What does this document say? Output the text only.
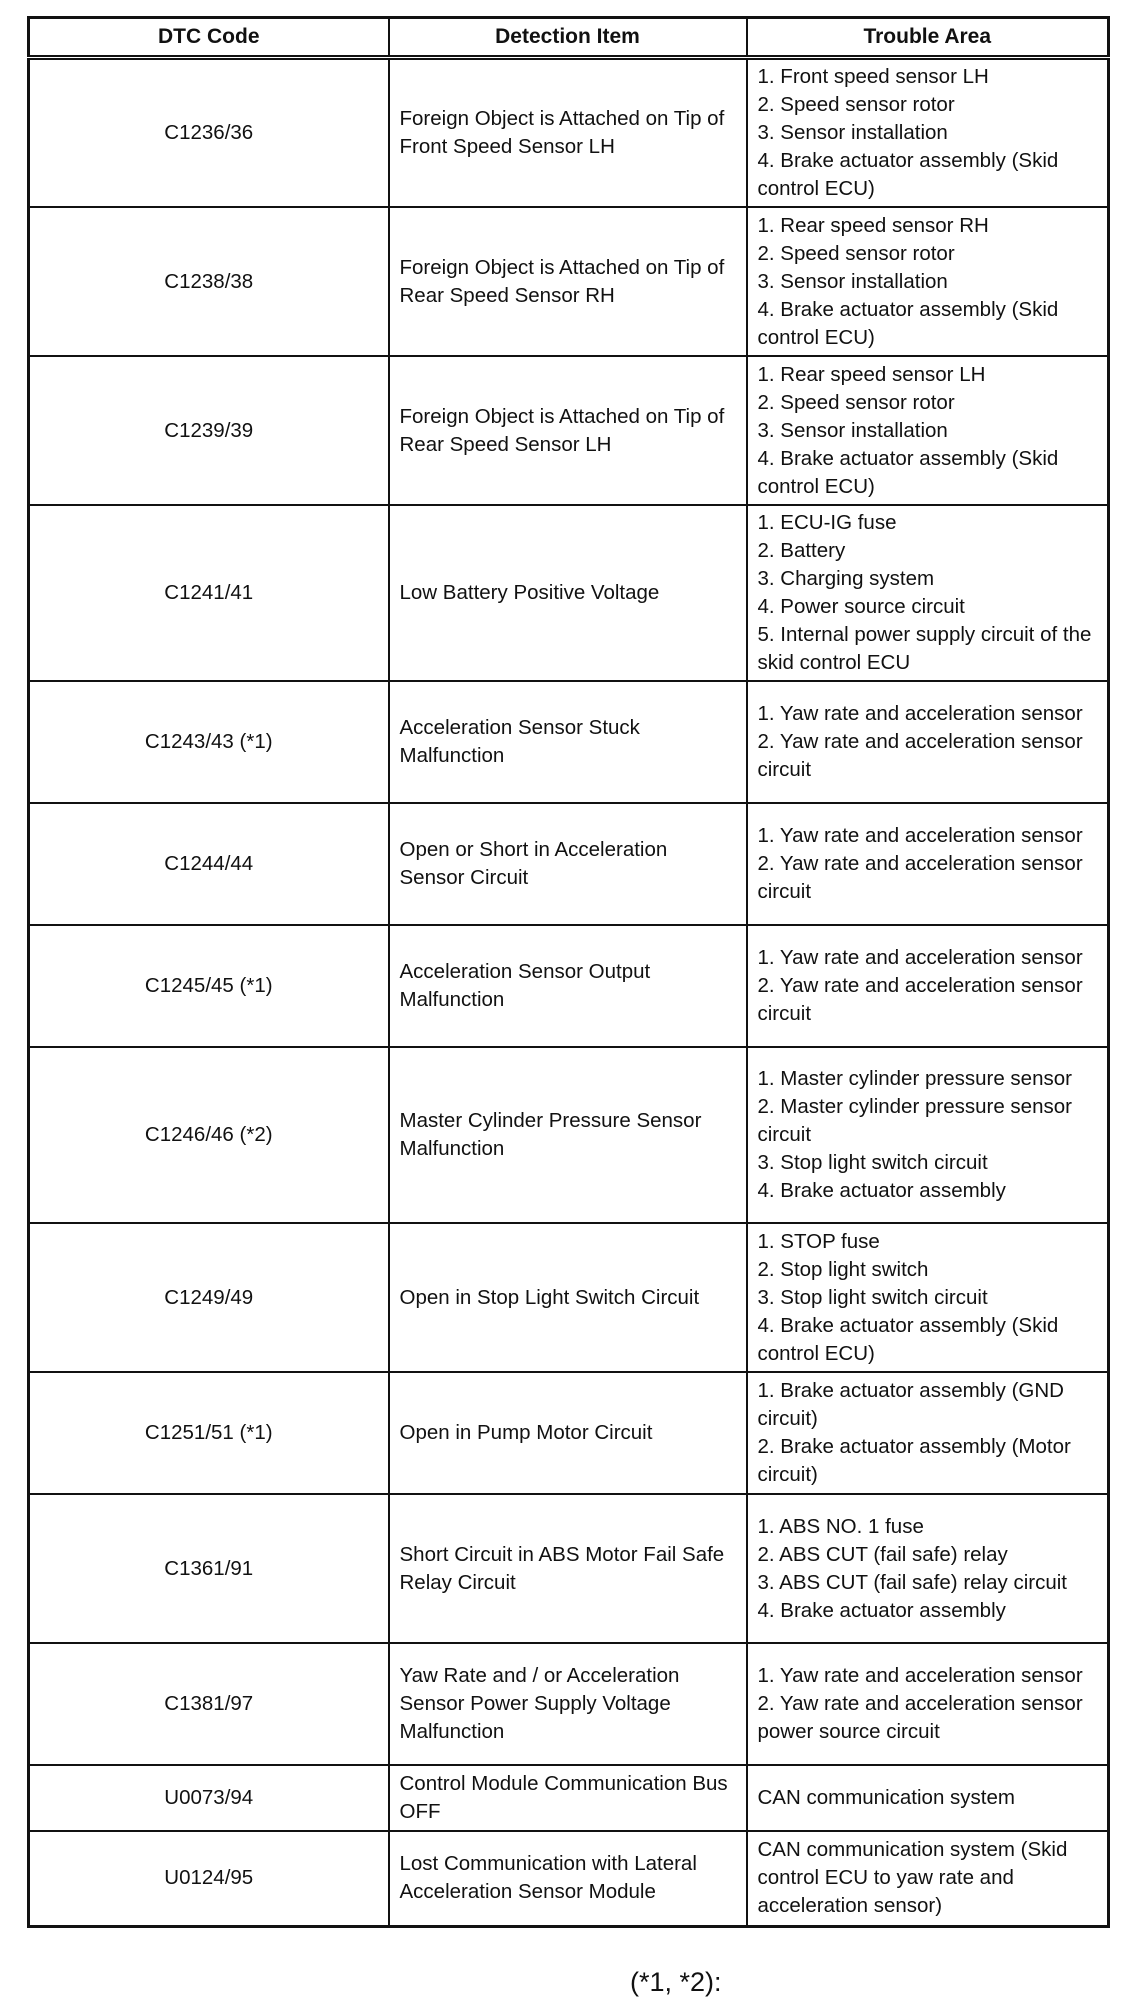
DTC Code	Detection Item	Trouble Area
C1236/36	Foreign Object is Attached on Tip of Front Speed Sensor LH	1. Front speed sensor LH
2. Speed sensor rotor
3. Sensor installation
4. Brake actuator assembly (Skid control ECU)

C1238/38	Foreign Object is Attached on Tip of Rear Speed Sensor RH	1. Rear speed sensor RH
2. Speed sensor rotor
3. Sensor installation
4. Brake actuator assembly (Skid control ECU)

C1239/39	Foreign Object is Attached on Tip of Rear Speed Sensor LH	1. Rear speed sensor LH
2. Speed sensor rotor
3. Sensor installation
4. Brake actuator assembly (Skid control ECU)

C1241/41	Low Battery Positive Voltage	1. ECU-IG fuse
2. Battery
3. Charging system
4. Power source circuit
5. Internal power supply circuit of the skid control ECU

C1243/43 (*1)	Acceleration Sensor Stuck Malfunction	1. Yaw rate and acceleration sensor
2. Yaw rate and acceleration sensor circuit

C1244/44	Open or Short in Acceleration Sensor Circuit	1. Yaw rate and acceleration sensor
2. Yaw rate and acceleration sensor circuit

C1245/45 (*1)	Acceleration Sensor Output Malfunction	1. Yaw rate and acceleration sensor
2. Yaw rate and acceleration sensor circuit

C1246/46 (*2)	Master Cylinder Pressure Sensor Malfunction	1. Master cylinder pressure sensor
2. Master cylinder pressure sensor circuit
3. Stop light switch circuit
4. Brake actuator assembly

C1249/49	Open in Stop Light Switch Circuit	1. STOP fuse
2. Stop light switch
3. Stop light switch circuit
4. Brake actuator assembly (Skid control ECU)

C1251/51 (*1)	Open in Pump Motor Circuit	1. Brake actuator assembly (GND circuit)
2. Brake actuator assembly (Motor circuit)

C1361/91	Short Circuit in ABS Motor Fail Safe Relay Circuit	1. ABS NO. 1 fuse
2. ABS CUT (fail safe) relay
3. ABS CUT (fail safe) relay circuit
4. Brake actuator assembly

C1381/97	Yaw Rate and / or Acceleration Sensor Power Supply Voltage Malfunction	1. Yaw rate and acceleration sensor
2. Yaw rate and acceleration sensor power source circuit

U0073/94	Control Module Communication Bus OFF	CAN communication system

U0124/95	Lost Communication with Lateral Acceleration Sensor Module	CAN communication system (Skid control ECU to yaw rate and acceleration sensor)
(*1, *2):
